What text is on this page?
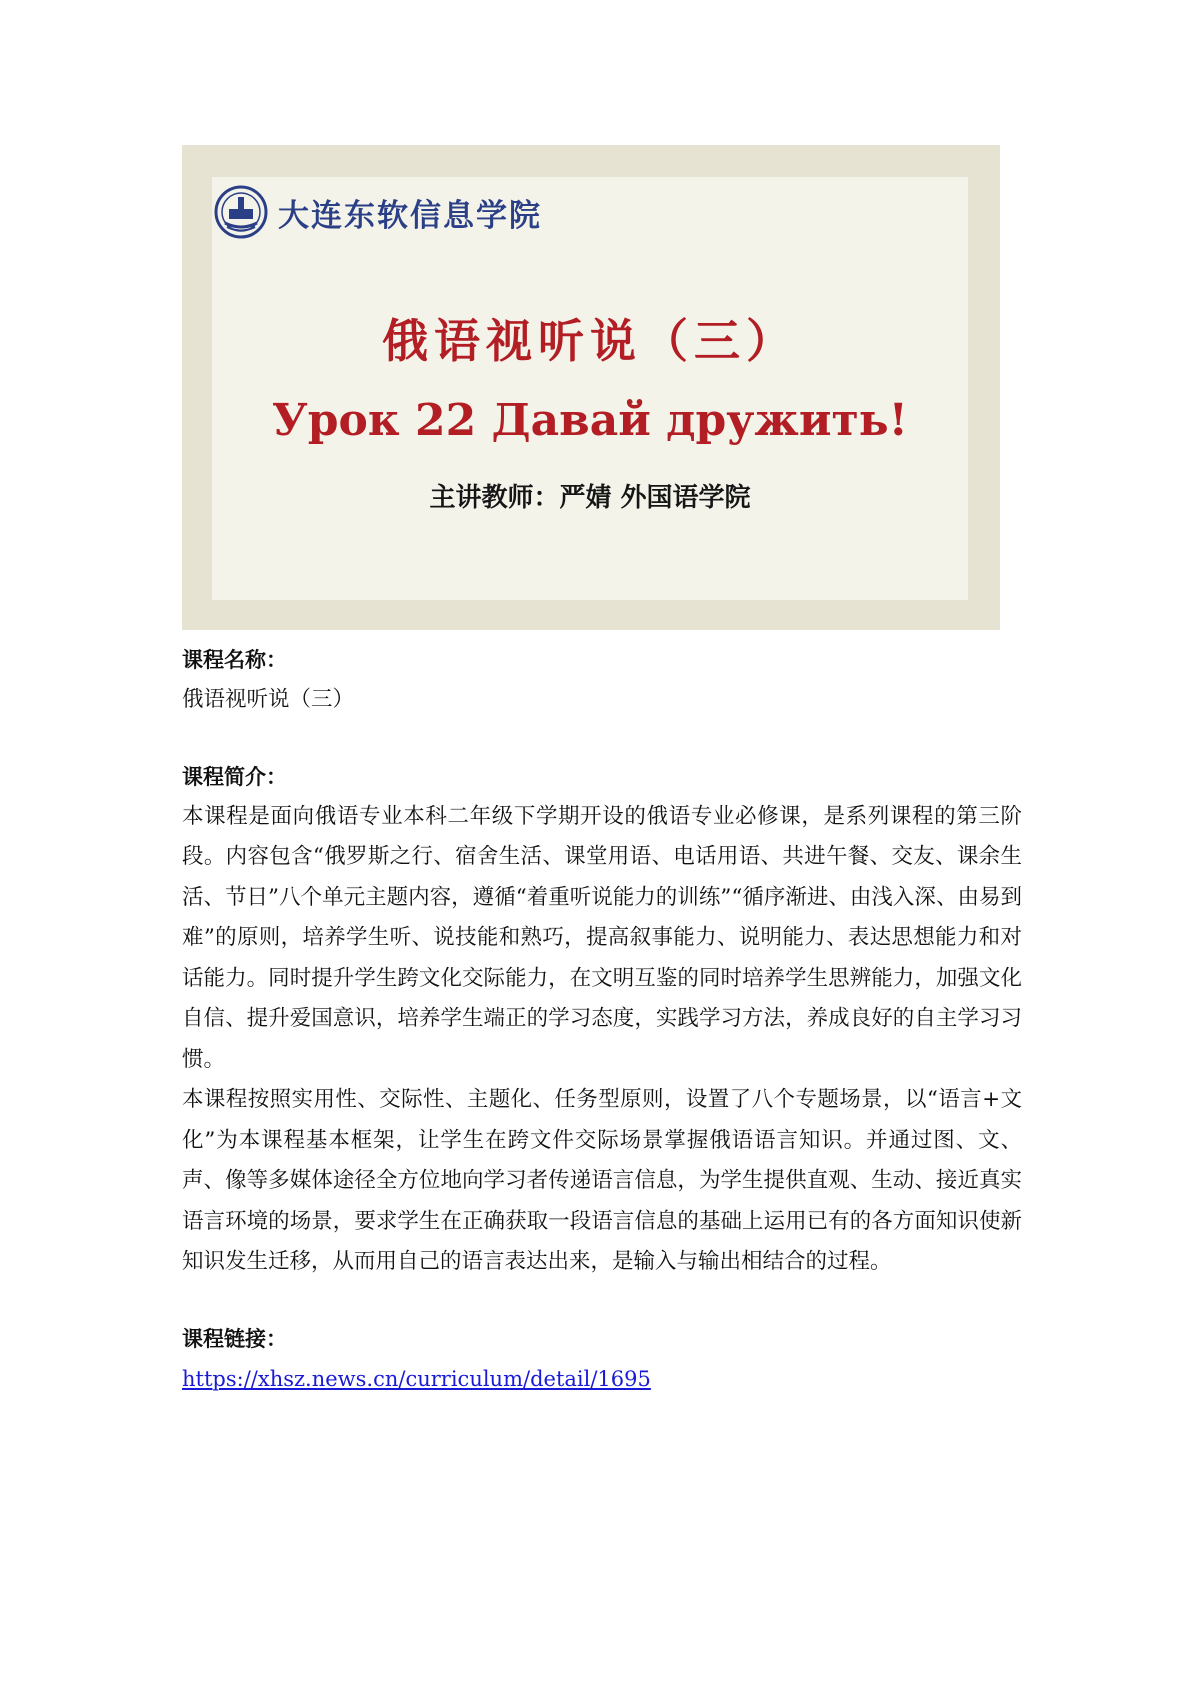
大连东软信息学院
俄语视听说（三）
Урок 22 Давай дружить!
主讲教师：严婧 外国语学院

课程名称：

俄语视听说（三）

课程简介：

本课程是面向俄语专业本科二年级下学期开设的俄语专业必修课，是系列课程的第三阶段。内容包含“俄罗斯之行、宿舍生活、课堂用语、电话用语、共进午餐、交友、课余生活、节日”八个单元主题内容，遵循“着重听说能力的训练”“循序渐进、由浅入深、由易到难”的原则，培养学生听、说技能和熟巧，提高叙事能力、说明能力、表达思想能力和对话能力。同时提升学生跨文化交际能力，在文明互鉴的同时培养学生思辨能力，加强文化自信、提升爱国意识，培养学生端正的学习态度，实践学习方法，养成良好的自主学习习惯。

本课程按照实用性、交际性、主题化、任务型原则，设置了八个专题场景，以“语言+文化”为本课程基本框架，让学生在跨文件交际场景掌握俄语语言知识。并通过图、文、声、像等多媒体途径全方位地向学习者传递语言信息，为学生提供直观、生动、接近真实语言环境的场景，要求学生在正确获取一段语言信息的基础上运用已有的各方面知识使新知识发生迁移，从而用自己的语言表达出来，是输入与输出相结合的过程。

课程链接：

https://xhsz.news.cn/curriculum/detail/1695
